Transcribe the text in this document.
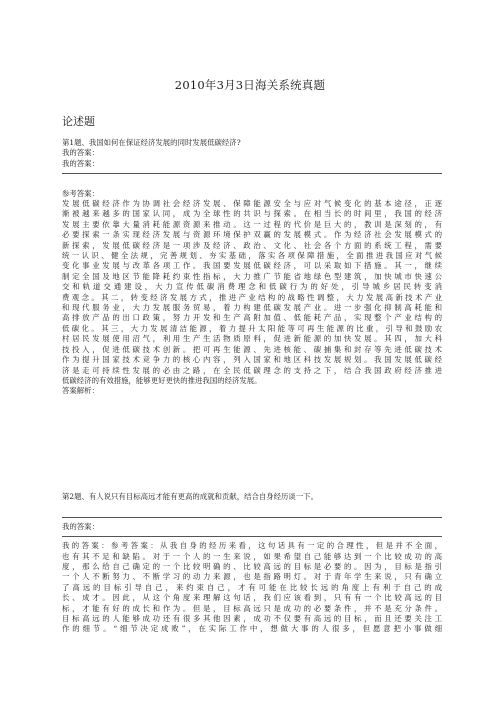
2010年3月3日海关系统真题
论述题
第1题、我国如何在保证经济发展的同时发展低碳经济?
我的答案：
我的答案：
参考答案：
发展低碳经济作为协调社会经济发展、保障能源安全与应对气候变化的基本途径，正逐
渐被越来越多的国家认同，成为全球性的共识与探索。在相当长的时间里，我国的经济
发展主要依靠大量消耗能源资源来推动。这一过程的代价是巨大的，教训是深刻的，有
必要探索一条实现经济发展与资源环境保护双赢的发展模式。作为经济社会发展模式的
新探索，发展低碳经济是一项涉及经济、政治、文化、社会各个方面的系统工程，需要
统一认识、健全法规，完善规划、夯实基础，落实各项保障措施，全面推进我国应对气候
变化事业发展与改革各项工作。我国要发展低碳经济，可以采取如下措施。其一，继续
制定全国及地区节能降耗约束性指标，大力推广节能省地绿色型建筑，加快城市快速公
交和轨道交通建设，大力宣传低碳消费理念和低碳行为的好处，引导城乡居民转变消
费观念。其二，转变经济发展方式，推进产业结构的战略性调整，大力发展高新技术产业
和现代服务业，大力发展服务贸易，着力构建低碳发展产业。进一步强化抑制高耗能和
高排放产品的出口政策，努力开发和生产高附加值、低能耗产品，实现整个产业结构的
低碳化。其三，大力发展清洁能源，着力提升太阳能等可再生能源的比重，引导和鼓励农
村居民发展使用沼气，利用生产生活物质原料，促进新能源的加快发展。其四，加大科
技投入，促进低碳技术创新。把可再生能源、先进核能、碳捕集和封存等先进低碳技术
作为提升国家技术竞争力的核心内容，列入国家和地区科技发展规划。我国发展低碳经
济是走可持续性发展的必由之路，在全民低碳理念的支持之下，结合我国政府经济推进
低碳经济的有效措施，能够更好更快的推进我国的经济发展。
答案解析：
第2题、有人说只有目标高远才能有更高的成就和贡献，结合自身经历谈一下。
我的答案：
我的答案：参考答案：从我自身的经历来看，这句话具有一定的合理性，但是并不全面，
也有其不足和缺陷。对于一个人的一生来说，如果希望自己能够达到一个比较成功的高
度，那么给自己确定的一个比较明确的、比较高远的目标是必要的。因为，目标是指引
一个人不断努力、不断学习的动力来源，也是指路明灯。对于青年学生来说，只有确立
了高远的目标引导自己，来约束自己，才有可能在比较长远的角度上有利于自己的成
长、成才。因此，从这个角度来理解这句话，我们应该看到，只有有一个比较高远的目
标，才能有好的成长和作为。但是，目标高远只是成功的必要条件，并不是充分条件。
目标高远的人能够成功还有很多其他因素，成功不仅要有高远的目标，而且还要关注工
作的细节。“细节决定成败”，在实际工作中，想做大事的人很多，但愿意把小事做细
